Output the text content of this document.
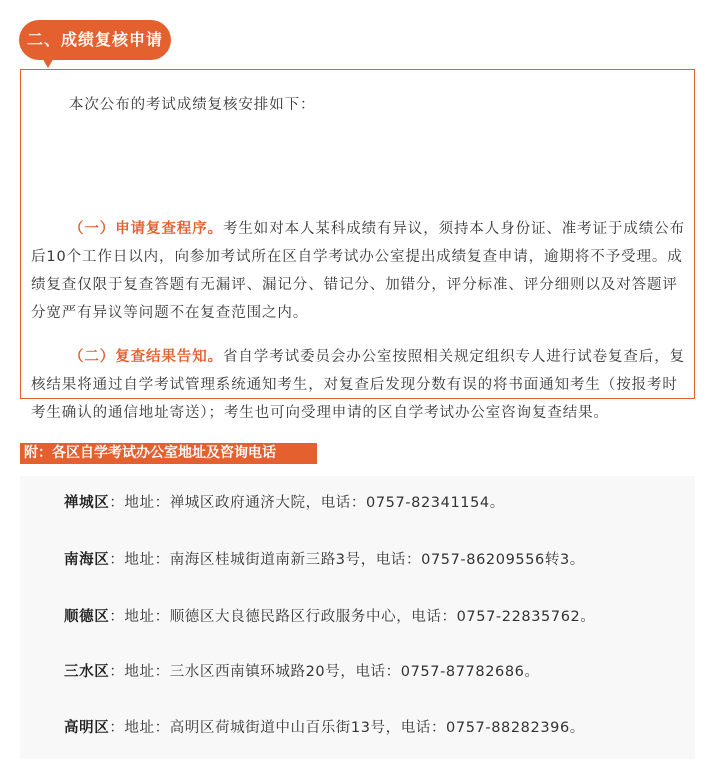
二、成绩复核申请

本次公布的考试成绩复核安排如下：

（一）申请复查程序。考生如对本人某科成绩有异议，须持本人身份证、准考证于成绩公布后10个工作日以内，向参加考试所在区自学考试办公室提出成绩复查申请，逾期将不予受理。成绩复查仅限于复查答题有无漏评、漏记分、错记分、加错分，评分标准、评分细则以及对答题评分宽严有异议等问题不在复查范围之内。

（二）复查结果告知。省自学考试委员会办公室按照相关规定组织专人进行试卷复查后，复核结果将通过自学考试管理系统通知考生，对复查后发现分数有误的将书面通知考生（按报考时考生确认的通信地址寄送）；考生也可向受理申请的区自学考试办公室咨询复查结果。

附：各区自学考试办公室地址及咨询电话
禅城区：地址：禅城区政府通济大院，电话：0757-82341154。
南海区：地址：南海区桂城街道南新三路3号，电话：0757-86209556转3。
顺德区：地址：顺德区大良德民路区行政服务中心，电话：0757-22835762。
三水区：地址：三水区西南镇环城路20号，电话：0757-87782686。
高明区：地址：高明区荷城街道中山百乐街13号，电话：0757-88282396。
